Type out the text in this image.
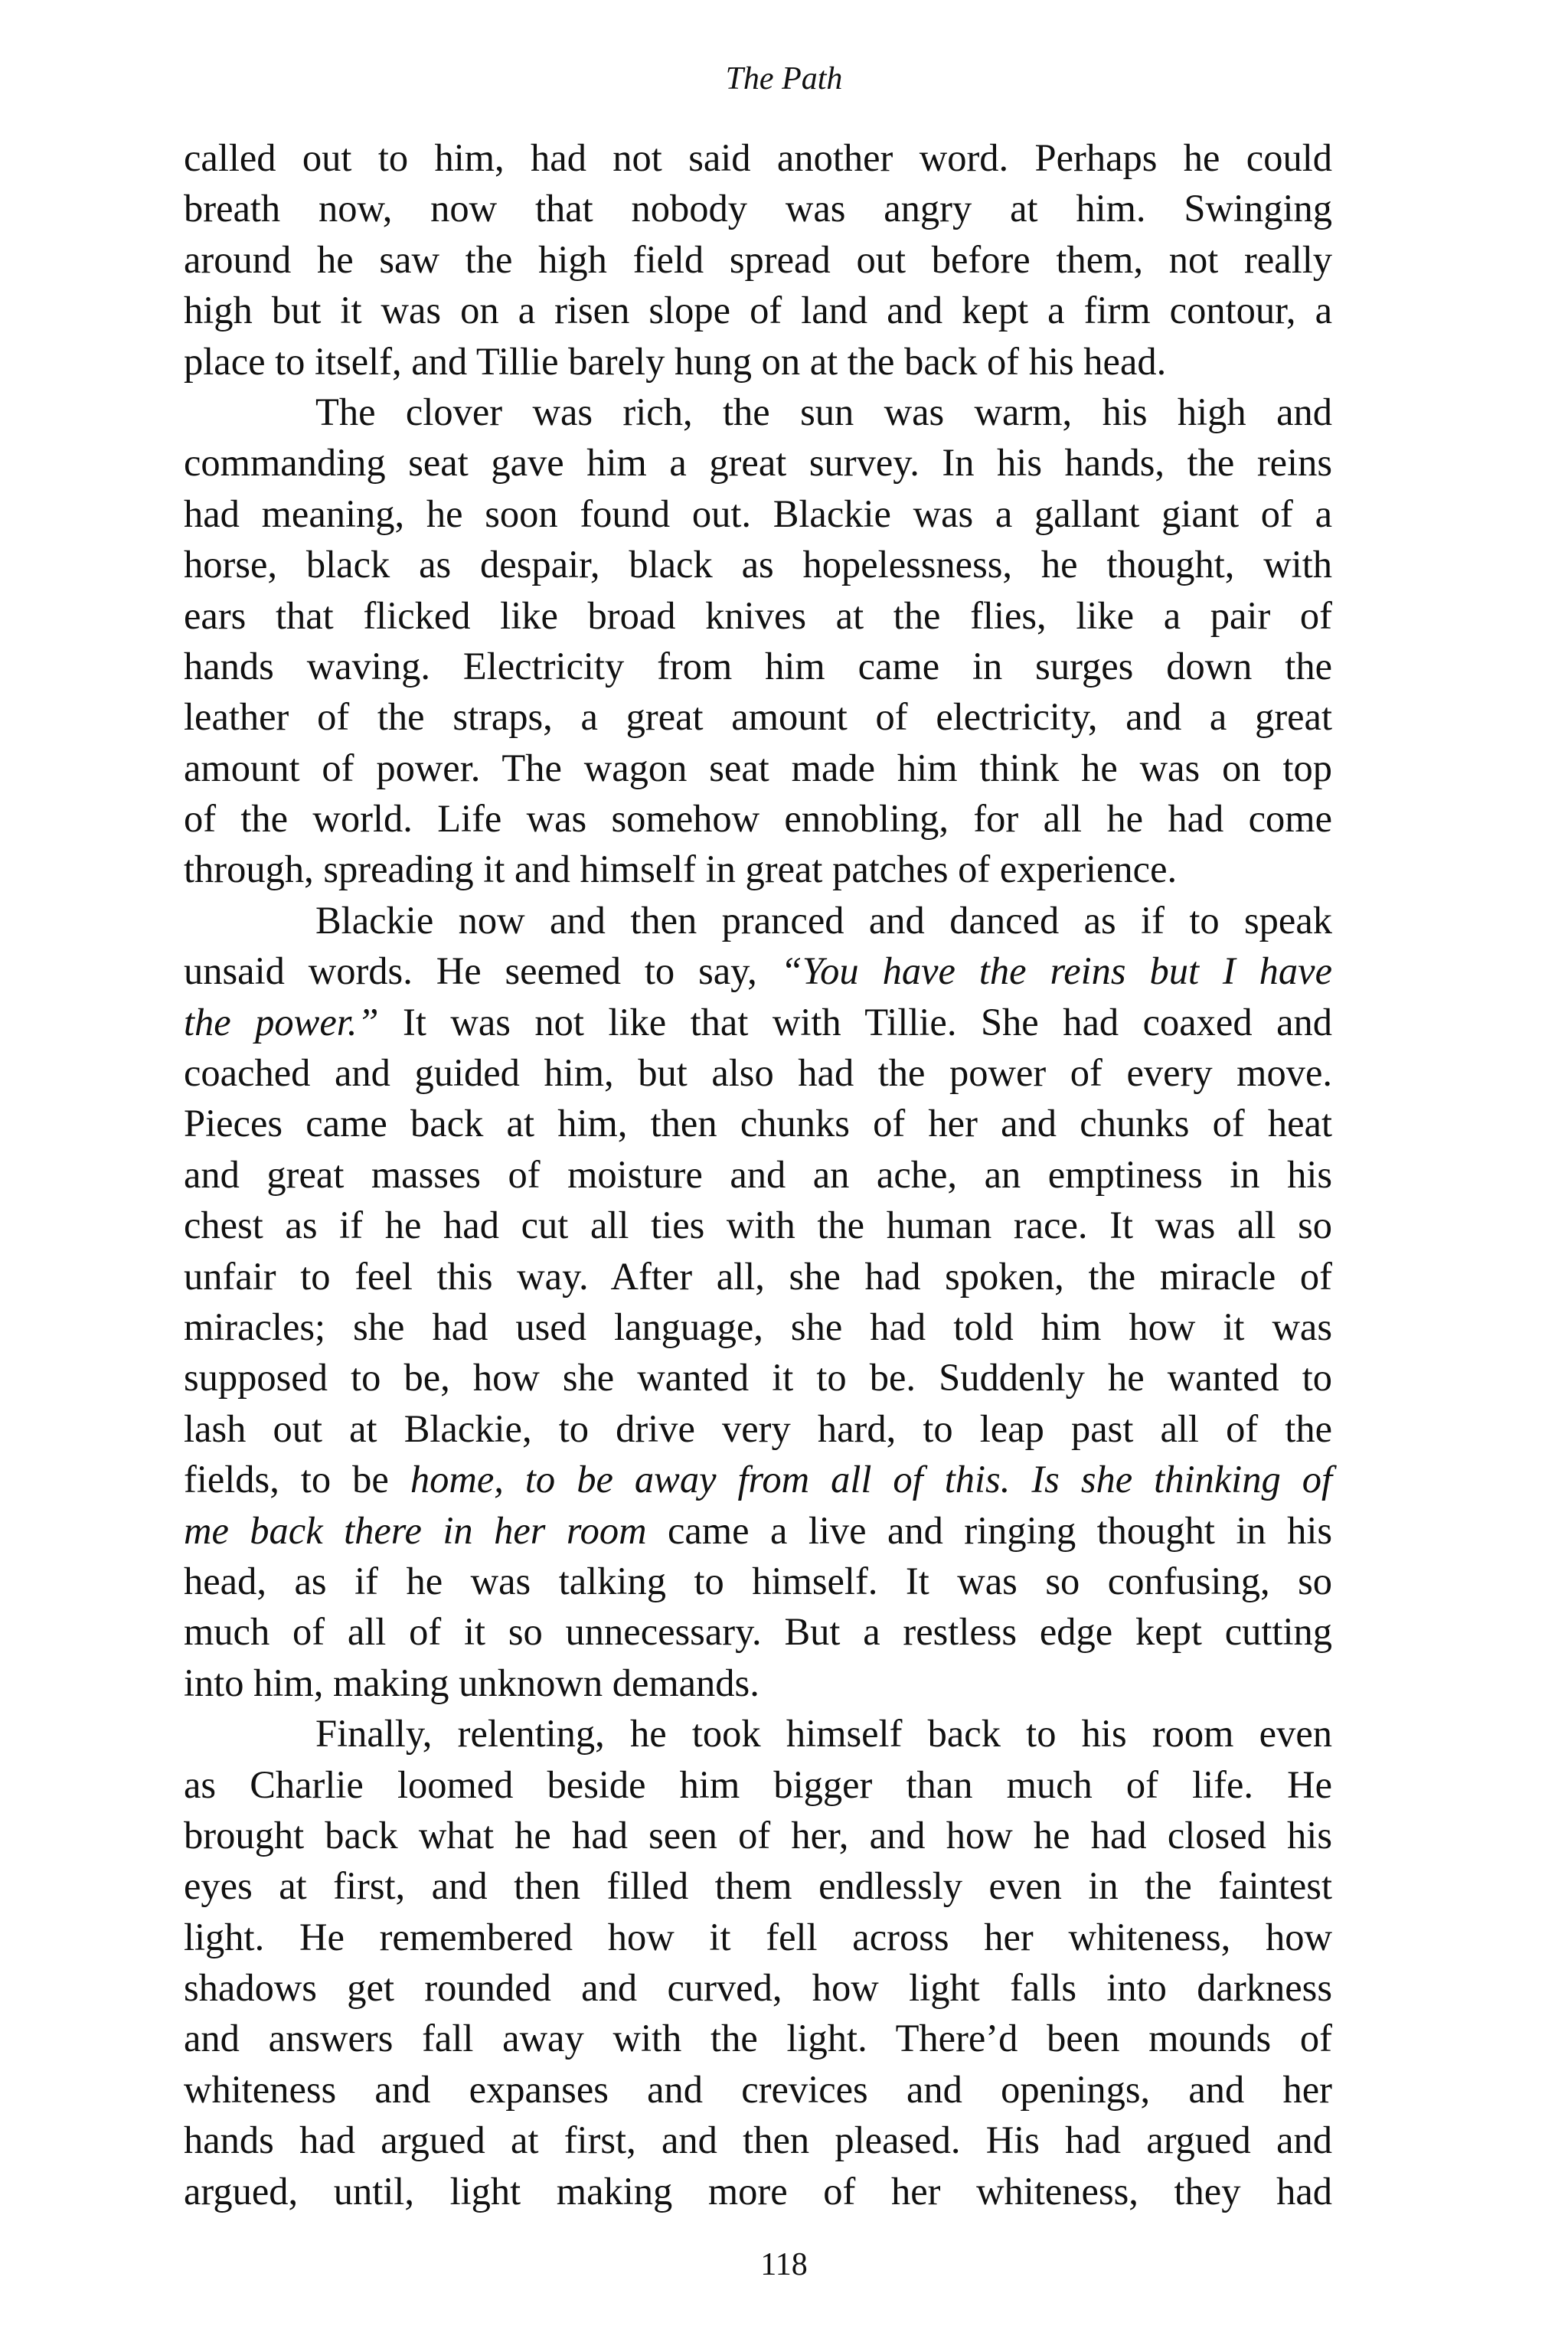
The Path
called out to him, had not said another word. Perhaps he could
breath now, now that nobody was angry at him. Swinging
around he saw the high field spread out before them, not really
high but it was on a risen slope of land and kept a firm contour, a
place to itself, and Tillie barely hung on at the back of his head.
The clover was rich, the sun was warm, his high and
commanding seat gave him a great survey. In his hands, the reins
had meaning, he soon found out. Blackie was a gallant giant of a
horse, black as despair, black as hopelessness, he thought, with
ears that flicked like broad knives at the flies, like a pair of
hands waving. Electricity from him came in surges down the
leather of the straps, a great amount of electricity, and a great
amount of power. The wagon seat made him think he was on top
of the world. Life was somehow ennobling, for all he had come
through, spreading it and himself in great patches of experience.
Blackie now and then pranced and danced as if to speak
unsaid words. He seemed to say, “You have the reins but I have
the power.” It was not like that with Tillie. She had coaxed and
coached and guided him, but also had the power of every move.
Pieces came back at him, then chunks of her and chunks of heat
and great masses of moisture and an ache, an emptiness in his
chest as if he had cut all ties with the human race. It was all so
unfair to feel this way. After all, she had spoken, the miracle of
miracles; she had used language, she had told him how it was
supposed to be, how she wanted it to be. Suddenly he wanted to
lash out at Blackie, to drive very hard, to leap past all of the
fields, to be home, to be away from all of this. Is she thinking of
me back there in her room came a live and ringing thought in his
head, as if he was talking to himself. It was so confusing, so
much of all of it so unnecessary. But a restless edge kept cutting
into him, making unknown demands.
Finally, relenting, he took himself back to his room even
as Charlie loomed beside him bigger than much of life. He
brought back what he had seen of her, and how he had closed his
eyes at first, and then filled them endlessly even in the faintest
light. He remembered how it fell across her whiteness, how
shadows get rounded and curved, how light falls into darkness
and answers fall away with the light. There’d been mounds of
whiteness and expanses and crevices and openings, and her
hands had argued at first, and then pleased. His had argued and
argued, until, light making more of her whiteness, they had
118
